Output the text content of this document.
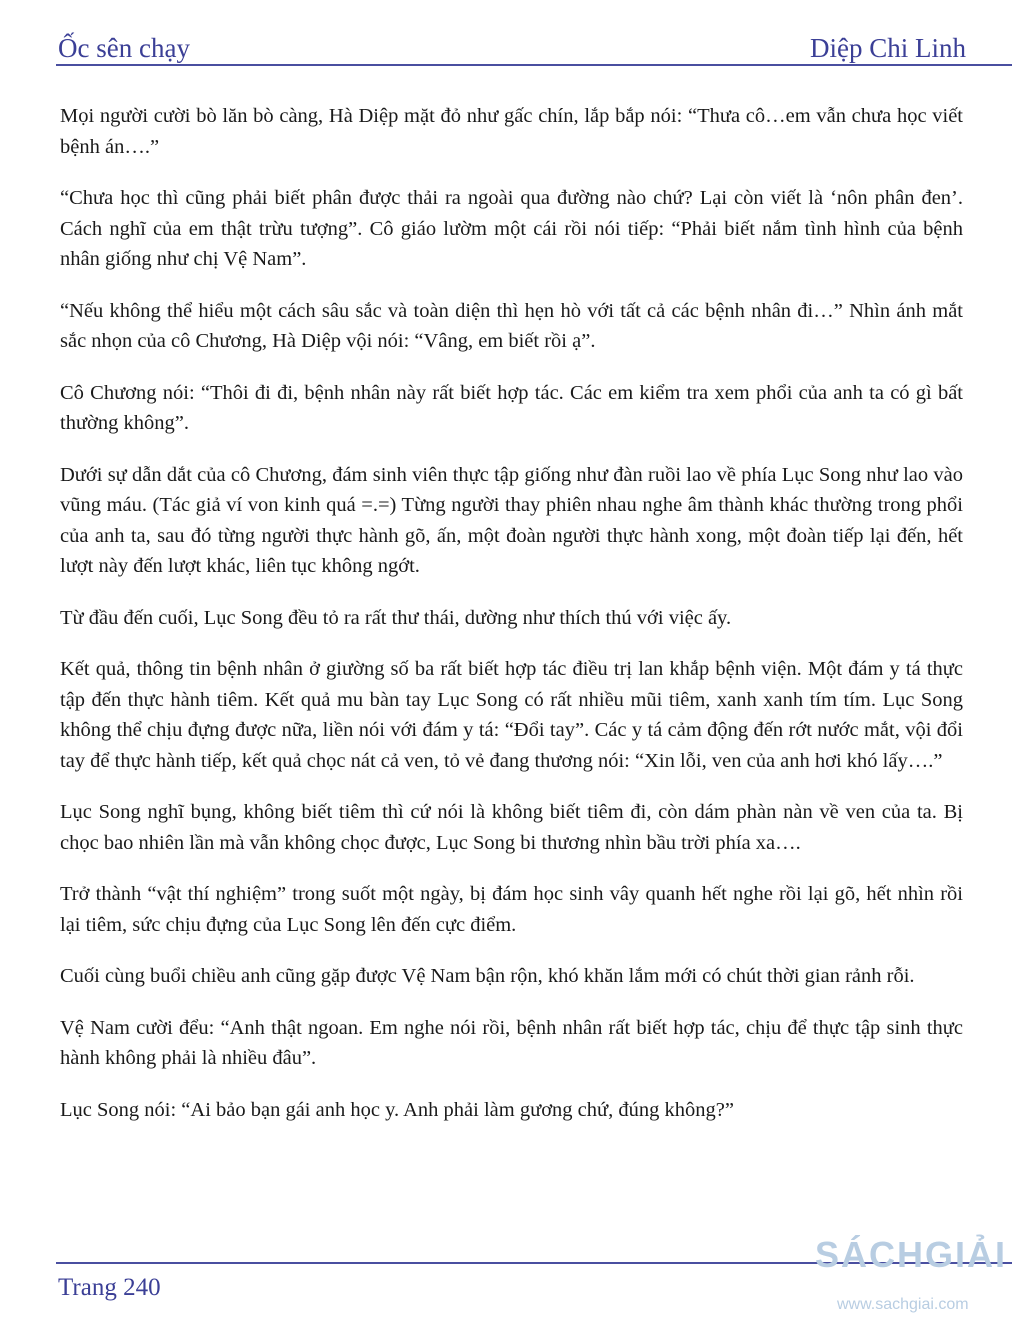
Ốc sên chạy	Diệp Chi Linh

Mọi người cười bò lăn bò càng, Hà Diệp mặt đỏ như gấc chín, lắp bắp nói: “Thưa cô…em vẫn chưa học viết bệnh án….”

“Chưa học thì cũng phải biết phân được thải ra ngoài qua đường nào chứ? Lại còn viết là ‘nôn phân đen’. Cách nghĩ của em thật trừu tượng”. Cô giáo lườm một cái rồi nói tiếp: “Phải biết nắm tình hình của bệnh nhân giống như chị Vệ Nam”.

“Nếu không thể hiểu một cách sâu sắc và toàn diện thì hẹn hò với tất cả các bệnh nhân đi…” Nhìn ánh mắt sắc nhọn của cô Chương, Hà Diệp vội nói: “Vâng, em biết rồi ạ”.

Cô Chương nói: “Thôi đi đi, bệnh nhân này rất biết hợp tác. Các em kiểm tra xem phổi của anh ta có gì bất thường không”.

Dưới sự dẫn dắt của cô Chương, đám sinh viên thực tập giống như đàn ruồi lao về phía Lục Song như lao vào vũng máu. (Tác giả ví von kinh quá =.=) Từng người thay phiên nhau nghe âm thành khác thường trong phổi của anh ta, sau đó từng người thực hành gõ, ấn, một đoàn người thực hành xong, một đoàn tiếp lại đến, hết lượt này đến lượt khác, liên tục không ngớt.

Từ đầu đến cuối, Lục Song đều tỏ ra rất thư thái, dường như thích thú với việc ấy.

Kết quả, thông tin bệnh nhân ở giường số ba rất biết hợp tác điều trị lan khắp bệnh viện. Một đám y tá thực tập đến thực hành tiêm. Kết quả mu bàn tay Lục Song có rất nhiều mũi tiêm, xanh xanh tím tím. Lục Song không thể chịu đựng được nữa, liền nói với đám y tá: “Đổi tay”. Các y tá cảm động đến rớt nước mắt, vội đổi tay để thực hành tiếp, kết quả chọc nát cả ven, tỏ vẻ đang thương nói: “Xin lỗi, ven của anh hơi khó lấy….”

Lục Song nghĩ bụng, không biết tiêm thì cứ nói là không biết tiêm đi, còn dám phàn nàn về ven của ta. Bị chọc bao nhiên lần mà vẫn không chọc được, Lục Song bi thương nhìn bầu trời phía xa….

Trở thành “vật thí nghiệm” trong suốt một ngày, bị đám học sinh vây quanh hết nghe rồi lại gõ, hết nhìn rồi lại tiêm, sức chịu đựng của Lục Song lên đến cực điểm.

Cuối cùng buổi chiều anh cũng gặp được Vệ Nam bận rộn, khó khăn lắm mới có chút thời gian rảnh rỗi.

Vệ Nam cười đểu: “Anh thật ngoan. Em nghe nói rồi, bệnh nhân rất biết hợp tác, chịu để thực tập sinh thực hành không phải là nhiều đâu”.

Lục Song nói: “Ai bảo bạn gái anh học y. Anh phải làm gương chứ, đúng không?”

Trang 240
SÁCHGIẢI
www.sachgiai.com
